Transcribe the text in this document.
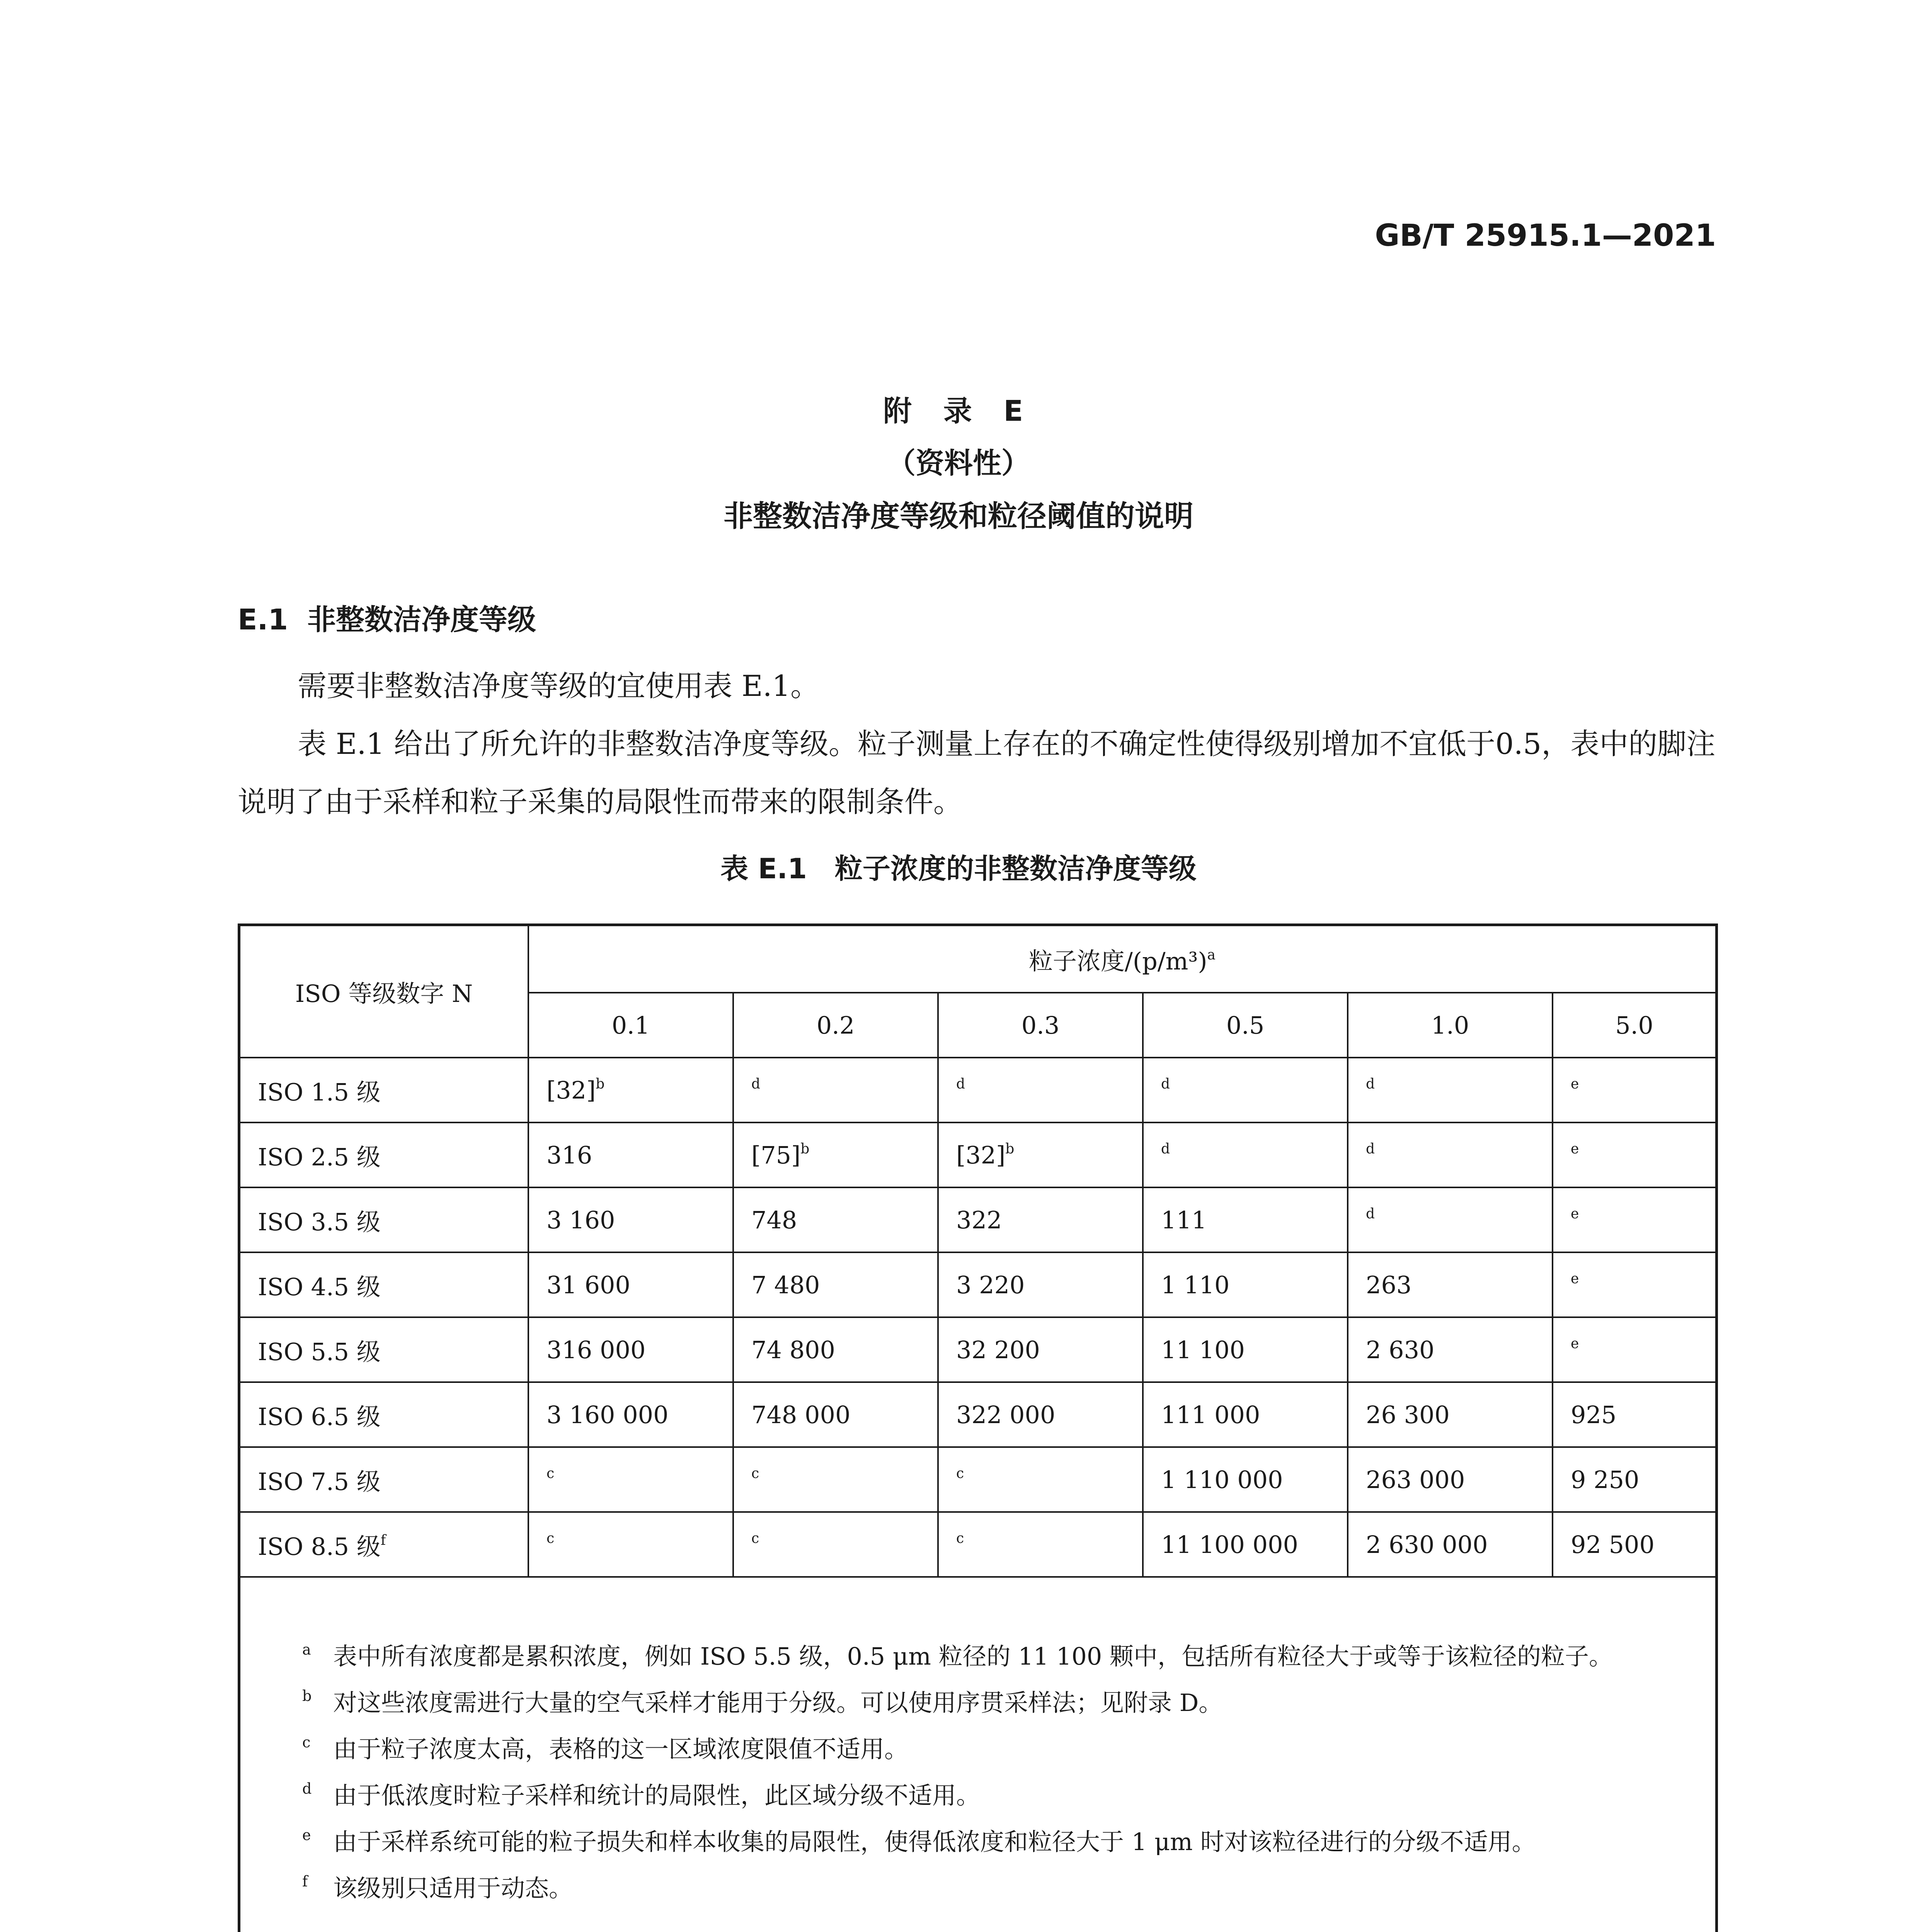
GB/T 25915.1—2021
附 录 E
（资料性）
非整数洁净度等级和粒径阈值的说明
E.1 非整数洁净度等级
需要非整数洁净度等级的宜使用表 E.1。
表 E.1 给出了所允许的非整数洁净度等级。粒子测量上存在的不确定性使得级别增加不宜低于0.5，表中的脚注说明了由于采样和粒子采集的局限性而带来的限制条件。
表 E.1　粒子浓度的非整数洁净度等级
ISO 等级数字 N	粒子浓度$/(p/m^3)^a$
	0.1	0.2	0.3	0.5	1.0	5.0
ISO 1.5 级	$[32]^b$	$^d$	$^d$	$^d$	$^d$	$^e$
ISO 2.5 级	316	$[75]^b$	$[32]^b$	$^d$	$^d$	$^e$
ISO 3.5 级	3 160	748	322	111	$^d$	$^e$
ISO 4.5 级	31 600	7 480	3 220	1 110	263	$^e$
ISO 5.5 级	316 000	74 800	32 200	11 100	2 630	$^e$
ISO 6.5 级	3 160 000	748 000	322 000	111 000	26 300	925
ISO 7.5 级	$^c$	$^c$	$^c$	1 110 000	263 000	9 250
ISO 8.5 级$^f$	$^c$	$^c$	$^c$	11 100 000	2 630 000	92 500
a 表中所有浓度都是累积浓度，例如 ISO 5.5 级，0.5 μm 粒径的 11 100 颗中，包括所有粒径大于或等于该粒径的粒子。
b 对这些浓度需进行大量的空气采样才能用于分级。可以使用序贯采样法；见附录 D。
c 由于粒子浓度太高，表格的这一区域浓度限值不适用。
d 由于低浓度时粒子采样和统计的局限性，此区域分级不适用。
e 由于采样系统可能的粒子损失和样本收集的局限性，使得低浓度和粒径大于 1 μm 时对该粒径进行的分级不适用。
f 该级别只适用于动态。
